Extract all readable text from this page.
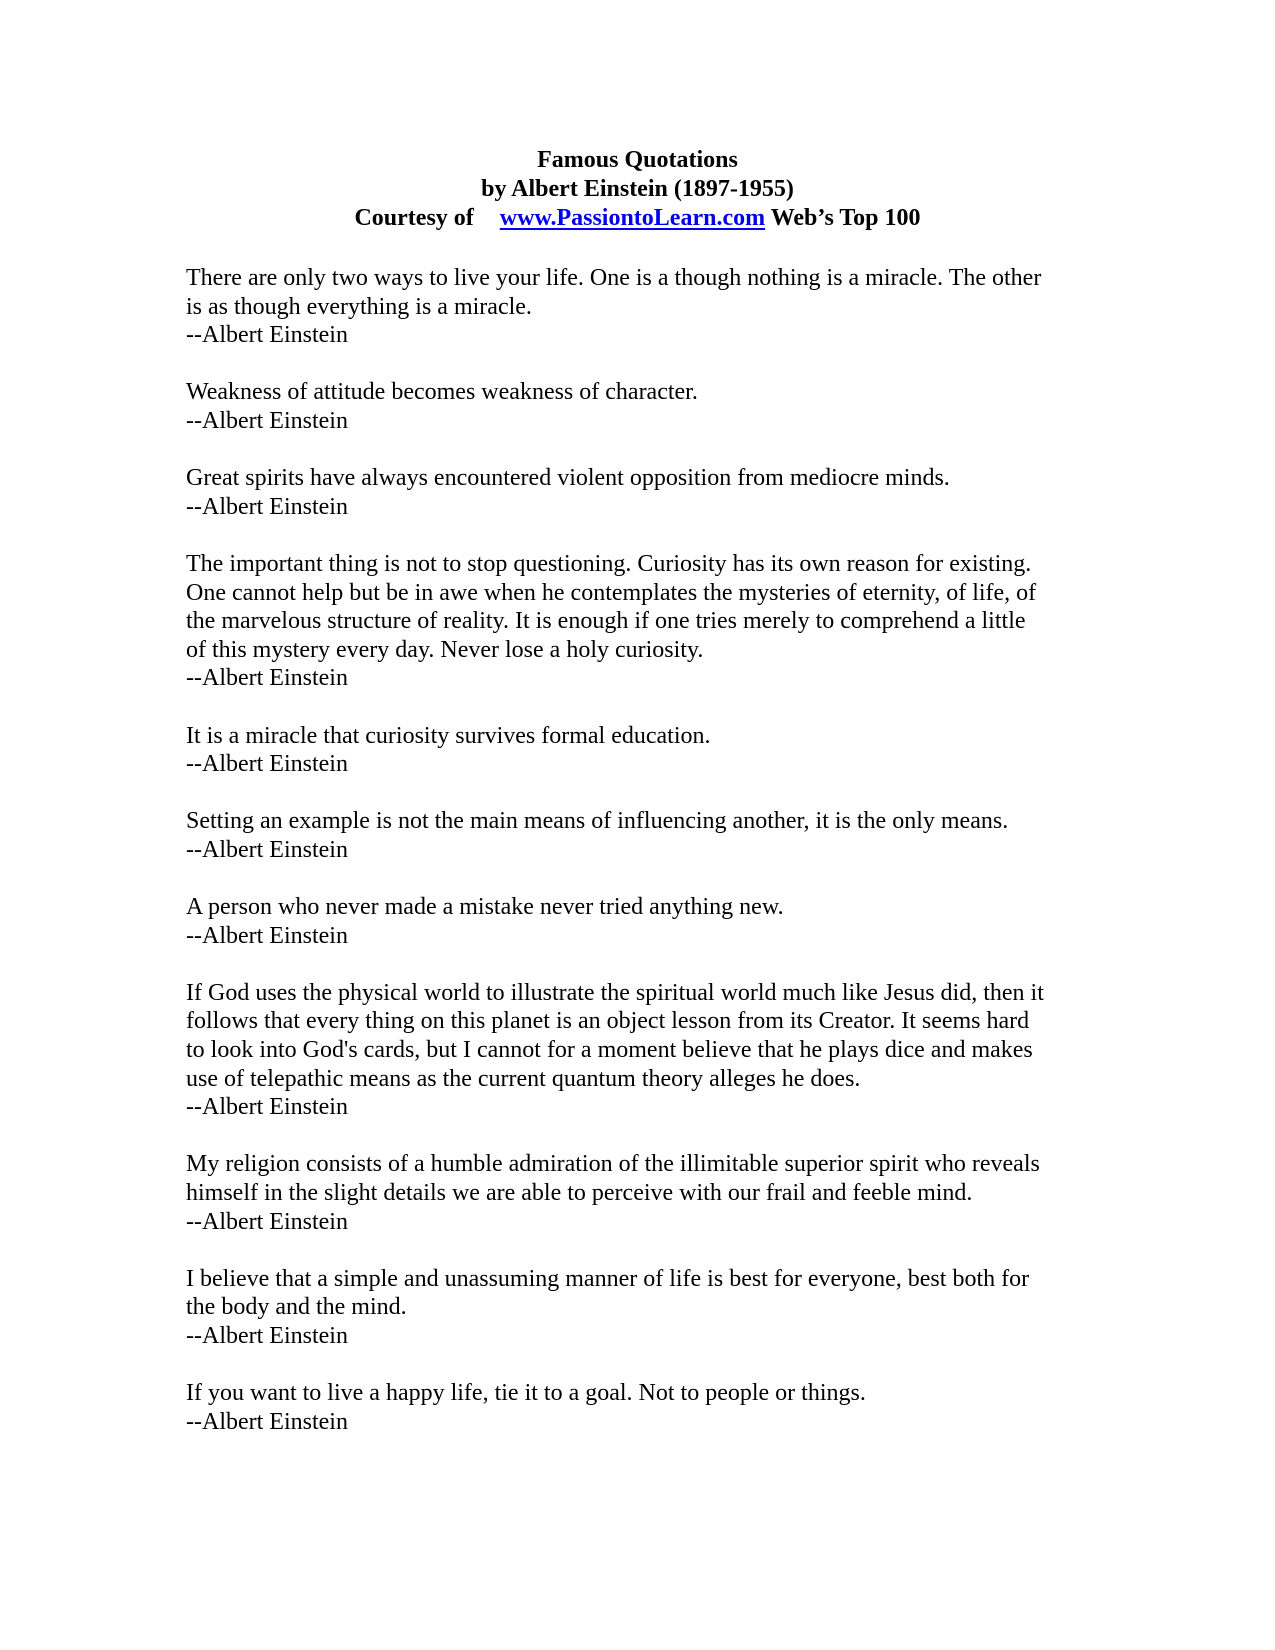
Famous Quotations
by Albert Einstein (1897-1955)
Courtesy of www.PassiontoLearn.com Web’s Top 100
There are only two ways to live your life. One is a though nothing is a miracle. The other
is as though everything is a miracle.
--Albert Einstein
Weakness of attitude becomes weakness of character.
--Albert Einstein
Great spirits have always encountered violent opposition from mediocre minds.
--Albert Einstein
The important thing is not to stop questioning. Curiosity has its own reason for existing.
One cannot help but be in awe when he contemplates the mysteries of eternity, of life, of
the marvelous structure of reality. It is enough if one tries merely to comprehend a little
of this mystery every day. Never lose a holy curiosity.
--Albert Einstein
It is a miracle that curiosity survives formal education.
--Albert Einstein
Setting an example is not the main means of influencing another, it is the only means.
--Albert Einstein
A person who never made a mistake never tried anything new.
--Albert Einstein
If God uses the physical world to illustrate the spiritual world much like Jesus did, then it
follows that every thing on this planet is an object lesson from its Creator. It seems hard
to look into God's cards, but I cannot for a moment believe that he plays dice and makes
use of telepathic means as the current quantum theory alleges he does.
--Albert Einstein
My religion consists of a humble admiration of the illimitable superior spirit who reveals
himself in the slight details we are able to perceive with our frail and feeble mind.
--Albert Einstein
I believe that a simple and unassuming manner of life is best for everyone, best both for
the body and the mind.
--Albert Einstein
If you want to live a happy life, tie it to a goal. Not to people or things.
--Albert Einstein
